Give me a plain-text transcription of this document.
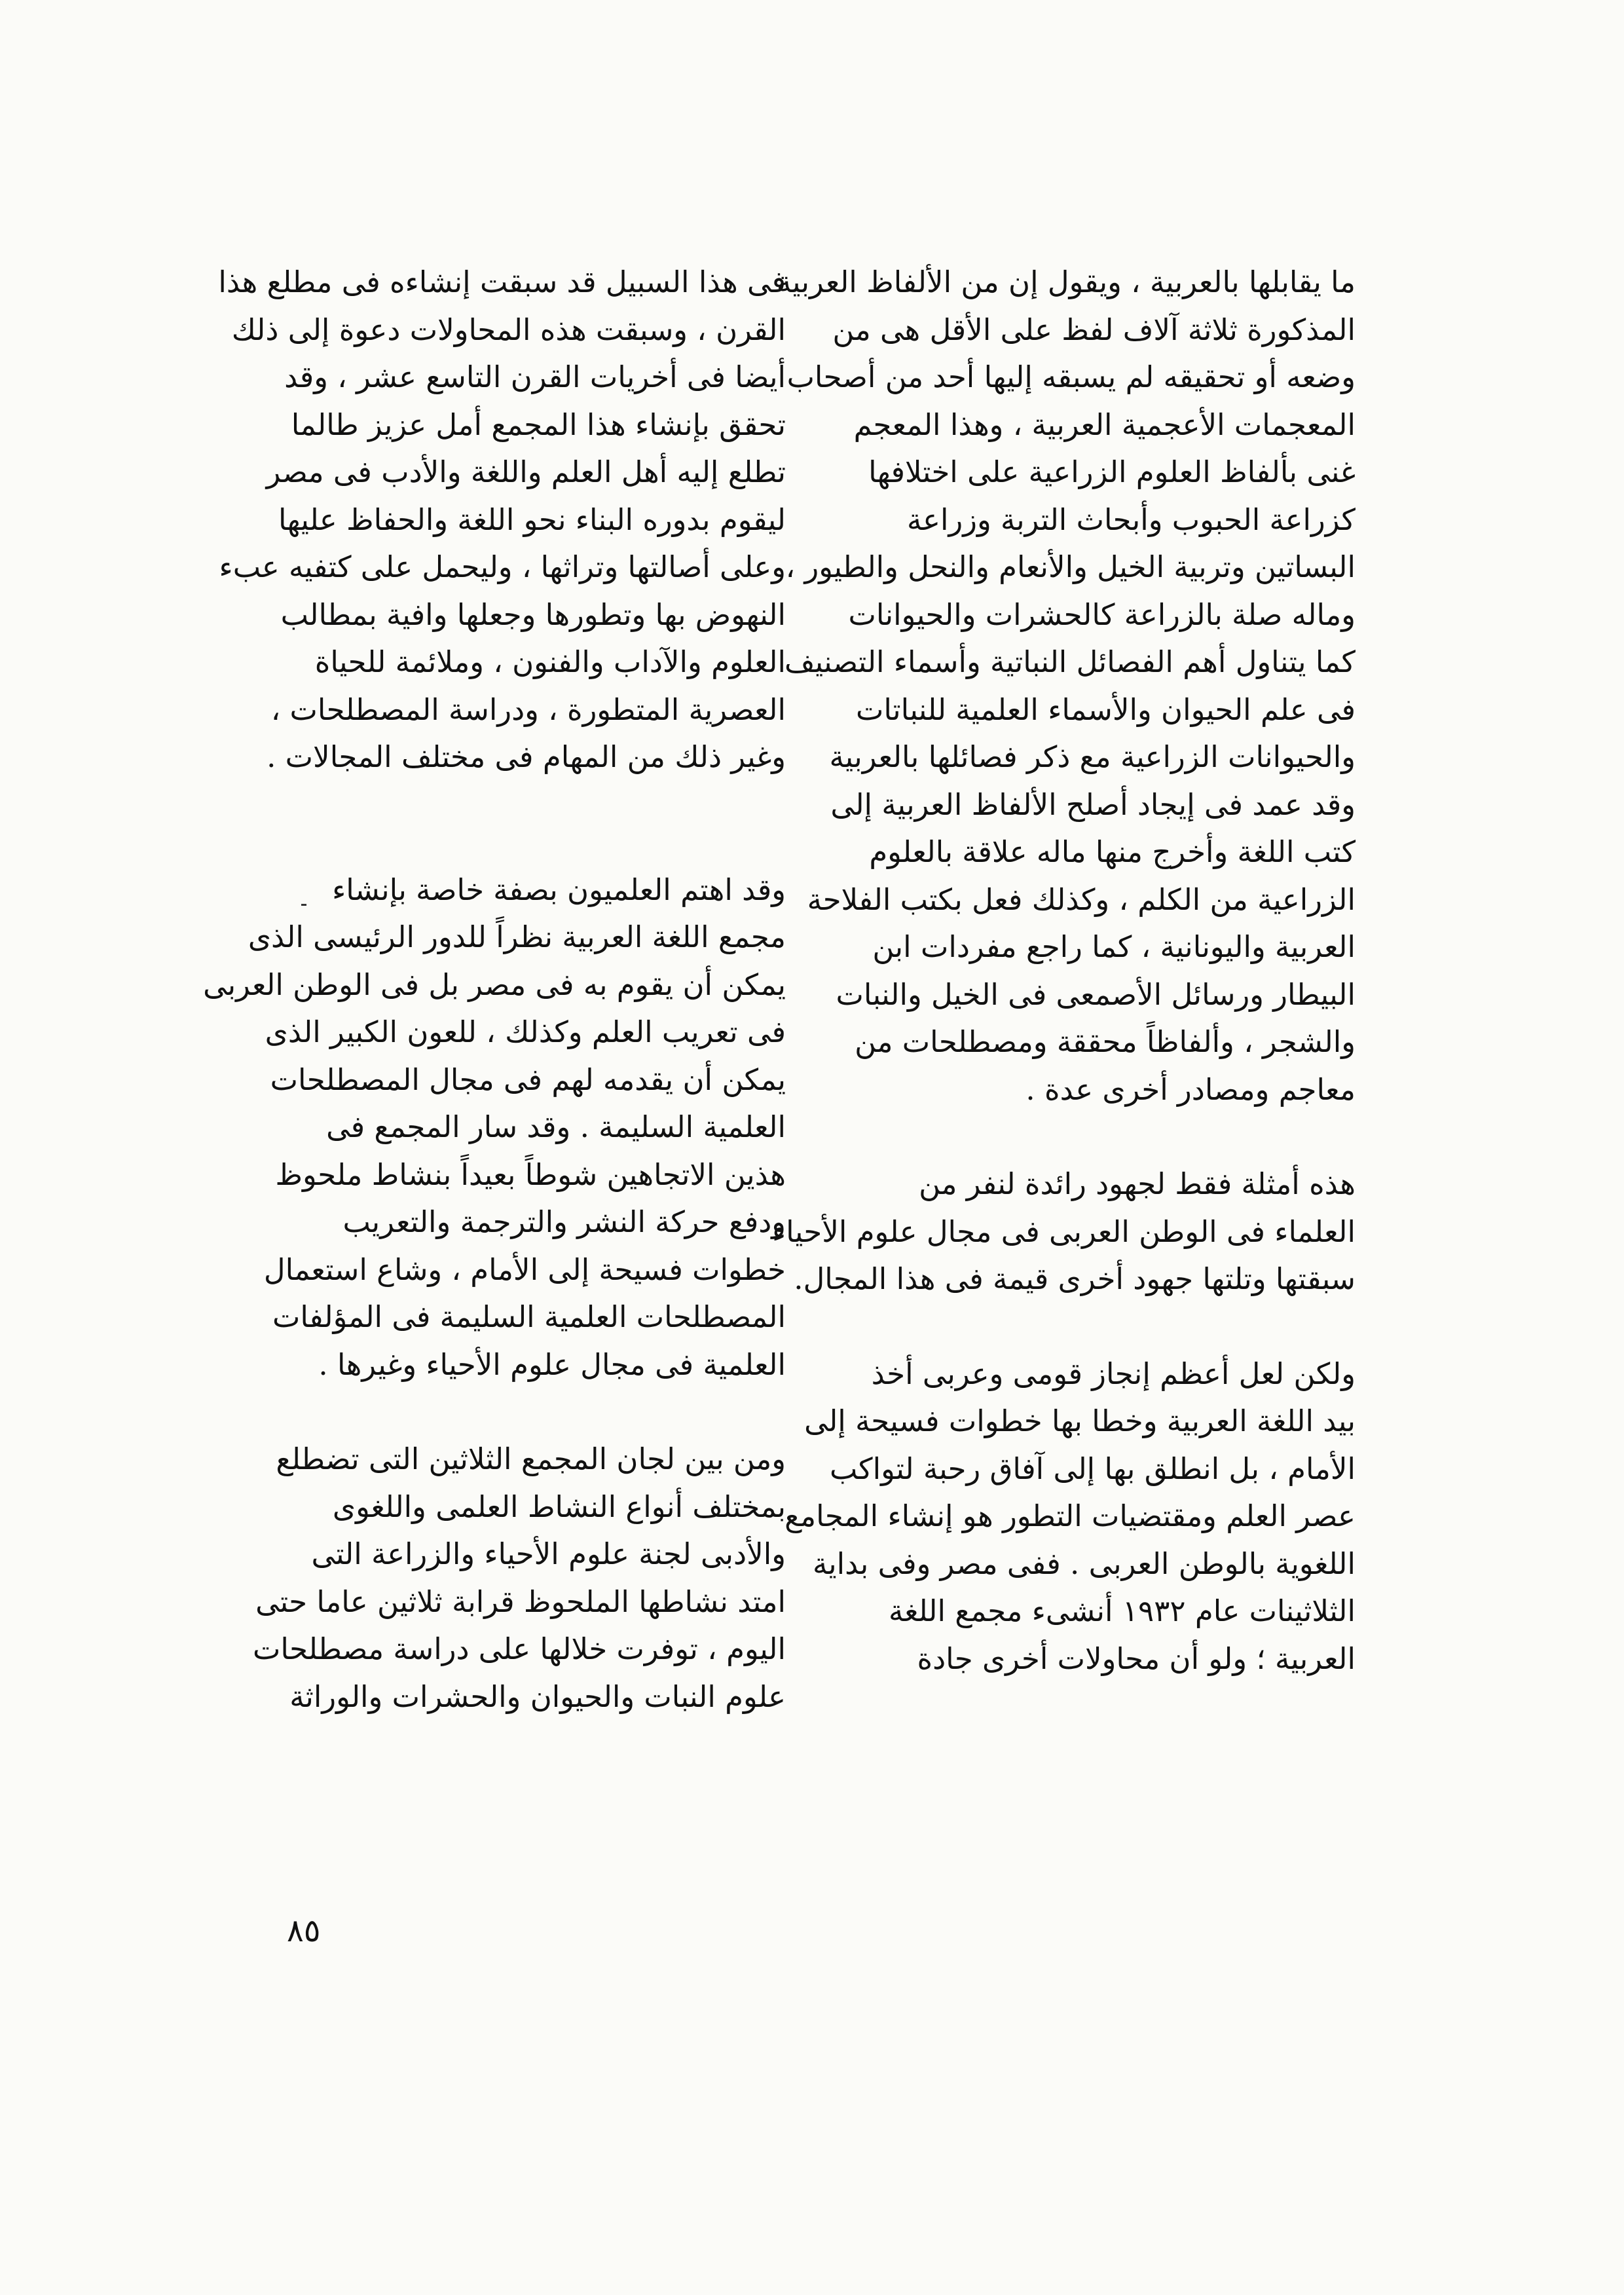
ما يقابلها بالعربية ، ويقول إن من الألفاظ العربية
المذكورة ثلاثة آلاف لفظ على الأقل هى من
وضعه أو تحقيقه لم يسبقه إليها أحد من أصحاب
المعجمات الأعجمية العربية ، وهذا المعجم
غنى بألفاظ العلوم الزراعية على اختلافها
كزراعة الحبوب وأبحاث التربة وزراعة
البساتين وتربية الخيل والأنعام والنحل والطيور ،
وماله صلة بالزراعة كالحشرات والحيوانات
كما يتناول أهم الفصائل النباتية وأسماء التصنيف
فى علم الحيوان والأسماء العلمية للنباتات
والحيوانات الزراعية مع ذكر فصائلها بالعربية
وقد عمد فى إيجاد أصلح الألفاظ العربية إلى
كتب اللغة وأخرج منها ماله علاقة بالعلوم
الزراعية من الكلم ، وكذلك فعل بكتب الفلاحة
العربية واليونانية ، كما راجع مفردات ابن
البيطار ورسائل الأصمعى فى الخيل والنبات
والشجر ، وألفاظاً محققة ومصطلحات من
معاجم ومصادر أخرى عدة .
هذه أمثلة فقط لجهود رائدة لنفر من
العلماء فى الوطن العربى فى مجال علوم الأحياء
سبقتها وتلتها جهود أخرى قيمة فى هذا المجال.
ولكن لعل أعظم إنجاز قومى وعربى أخذ
بيد اللغة العربية وخطا بها خطوات فسيحة إلى
الأمام ، بل انطلق بها إلى آفاق رحبة لتواكب
عصر العلم ومقتضيات التطور هو إنشاء المجامع
اللغوية بالوطن العربى . ففى مصر وفى بداية
الثلاثينات عام ١٩٣٢ أنشىء مجمع اللغة
العربية ؛ ولو أن محاولات أخرى جادة
فى هذا السبيل قد سبقت إنشاءه فى مطلع هذا
القرن ، وسبقت هذه المحاولات دعوة إلى ذلك
أيضا فى أخريات القرن التاسع عشر ، وقد
تحقق بإنشاء هذا المجمع أمل عزيز طالما
تطلع إليه أهل العلم واللغة والأدب فى مصر
ليقوم بدوره البناء نحو اللغة والحفاظ عليها
وعلى أصالتها وتراثها ، وليحمل على كتفيه عبء
النهوض بها وتطورها وجعلها وافية بمطالب
العلوم والآداب والفنون ، وملائمة للحياة
العصرية المتطورة ، ودراسة المصطلحات ،
وغير ذلك من المهام فى مختلف المجالات .
وقد اهتم العلميون بصفة خاصة بإنشاء
مجمع اللغة العربية نظراً للدور الرئيسى الذى
يمكن أن يقوم به فى مصر بل فى الوطن العربى
فى تعريب العلم وكذلك ، للعون الكبير الذى
يمكن أن يقدمه لهم فى مجال المصطلحات
العلمية السليمة . وقد سار المجمع فى
هذين الاتجاهين شوطاً بعيداً بنشاط ملحوظ
ودفع حركة النشر والترجمة والتعريب
خطوات فسيحة إلى الأمام ، وشاع استعمال
المصطلحات العلمية السليمة فى المؤلفات
العلمية فى مجال علوم الأحياء وغيرها .
ومن بين لجان المجمع الثلاثين التى تضطلع
بمختلف أنواع النشاط العلمى واللغوى
والأدبى لجنة علوم الأحياء والزراعة التى
امتد نشاطها الملحوظ قرابة ثلاثين عاما حتى
اليوم ، توفرت خلالها على دراسة مصطلحات
علوم النبات والحيوان والحشرات والوراثة
٨٥
